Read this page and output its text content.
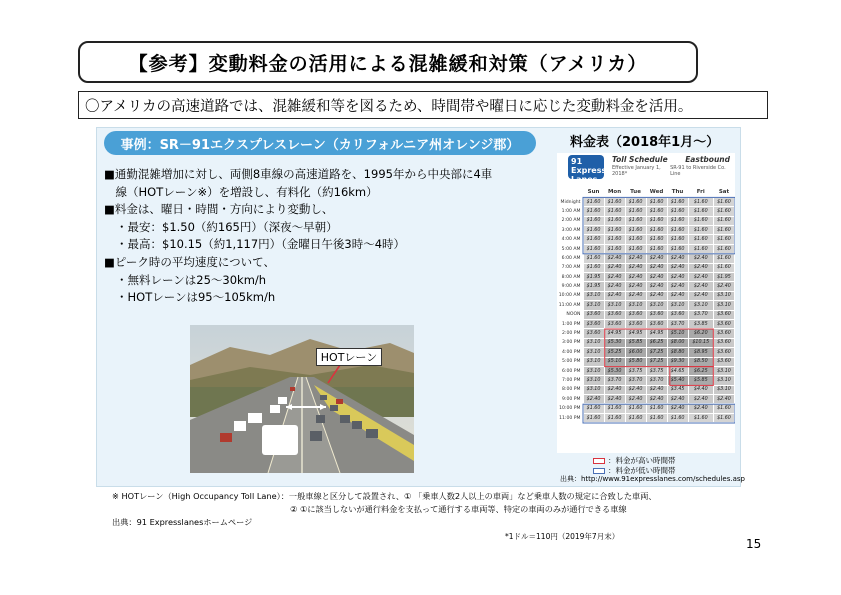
【参考】変動料金の活用による混雑緩和対策（アメリカ）
〇アメリカの高速道路では、混雑緩和等を図るため、時間帯や曜日に応じた変動料金を活用。
事例：SR－91エクスプレスレーン（カリフォルニア州オレンジ郡）
■通勤混雑増加に対し、両側8車線の高速道路を、1995年から中央部に4車
　線（HOTレーン※）を増設し、有料化（約16km）
■料金は、曜日・時間・方向により変動し、
・最安：$1.50（約165円）（深夜～早朝）
・最高：$10.15（約1,117円）（金曜日午後3時～4時）
■ピーク時の平均速度について、
・無料レーンは25～30km/h
・HOTレーンは95～105km/h
HOTレーン
料金表（2018年1月～）
91 Express Lanes
Toll Schedule Eastbound
Effective January 1, 2018*
SR-91 to Riverside Co. Line
	Sun	Mon	Tue	Wed	Thu	Fri	Sat
Midnight	$1.60	$1.60	$1.60	$1.60	$1.60	$1.60	$1.60
1:00 AM	$1.60	$1.60	$1.60	$1.60	$1.60	$1.60	$1.60
2:00 AM	$1.60	$1.60	$1.60	$1.60	$1.60	$1.60	$1.60
3:00 AM	$1.60	$1.60	$1.60	$1.60	$1.60	$1.60	$1.60
4:00 AM	$1.60	$1.60	$1.60	$1.60	$1.60	$1.60	$1.60
5:00 AM	$1.60	$1.60	$1.60	$1.60	$1.60	$1.60	$1.60
6:00 AM	$1.60	$2.40	$2.40	$2.40	$2.40	$2.40	$1.60
7:00 AM	$1.60	$2.40	$2.40	$2.40	$2.40	$2.40	$1.60
8:00 AM	$1.95	$2.40	$2.40	$2.40	$2.40	$2.40	$1.95
9:00 AM	$1.95	$2.40	$2.40	$2.40	$2.40	$2.40	$2.40
10:00 AM	$3.10	$2.40	$2.40	$2.40	$2.40	$2.40	$3.10
11:00 AM	$3.10	$3.10	$3.10	$3.10	$3.10	$3.10	$3.10
NOON	$3.60	$3.60	$3.60	$3.60	$3.60	$3.70	$3.60
1:00 PM	$3.60	$3.60	$3.60	$3.60	$3.70	$3.85	$3.60
2:00 PM	$3.60	$4.95	$4.95	$4.95	$5.10	$6.20	$3.60
3:00 PM	$3.10	$5.30	$5.85	$6.25	$8.00	$10.15	$3.60
4:00 PM	$3.10	$5.25	$6.00	$7.25	$8.80	$8.95	$3.60
5:00 PM	$3.10	$5.10	$5.80	$7.25	$9.30	$8.50	$3.60
6:00 PM	$3.10	$5.30	$3.75	$3.75	$4.65	$6.25	$3.10
7:00 PM	$3.10	$3.70	$3.70	$3.70	$5.40	$5.85	$3.10
8:00 PM	$3.10	$2.40	$2.40	$2.40	$3.45	$4.40	$3.10
9:00 PM	$2.40	$2.40	$2.40	$2.40	$2.40	$2.40	$2.40
10:00 PM	$1.60	$1.60	$1.60	$1.60	$2.40	$2.40	$1.60
11:00 PM	$1.60	$1.60	$1.60	$1.60	$1.60	$1.60	$1.60
：料金が高い時間帯
：料金が低い時間帯
出典：http://www.91expresslanes.com/schedules.asp
※ HOTレーン（High Occupancy Toll Lane）：一般車線と区分して設置され、① 「乗車人数2人以上の車両」など乗車人数の規定に合致した車両、
② ①に該当しないが通行料金を支払って通行する車両等、特定の車両のみが通行できる車線
出典：91 Expresslanesホームページ
*1ドル＝110円（2019年7月末）
15
